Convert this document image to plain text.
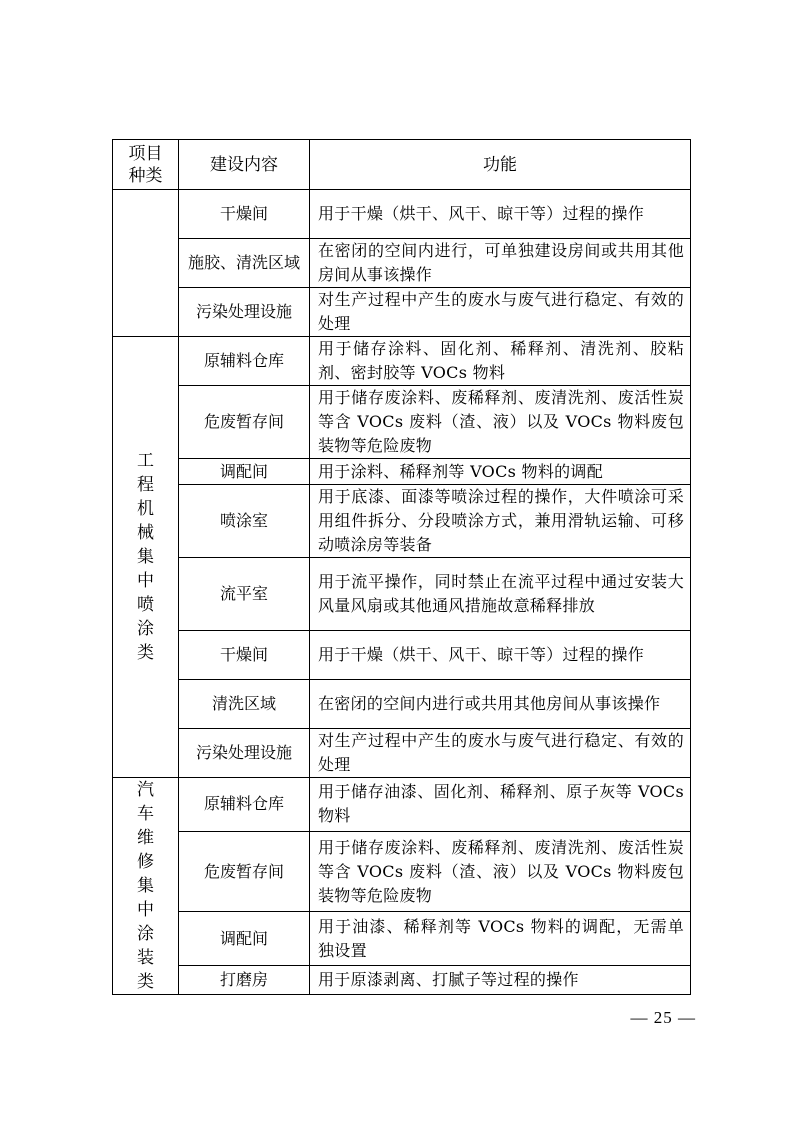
项目种类	建设内容	功能
	干燥间	用于干燥（烘干、风干、晾干等）过程的操作
	施胶、清洗区域	在密闭的空间内进行，可单独建设房间或共用其他房间从事该操作
	污染处理设施	对生产过程中产生的废水与废气进行稳定、有效的处理
工程机械集中喷涂类	原辅料仓库	用于储存涂料、固化剂、稀释剂、清洗剂、胶粘剂、密封胶等 VOCs 物料
	危废暂存间	用于储存废涂料、废稀释剂、废清洗剂、废活性炭等含 VOCs 废料（渣、液）以及 VOCs 物料废包装物等危险废物
	调配间	用于涂料、稀释剂等 VOCs 物料的调配
	喷涂室	用于底漆、面漆等喷涂过程的操作，大件喷涂可采用组件拆分、分段喷涂方式，兼用滑轨运输、可移动喷涂房等装备
	流平室	用于流平操作，同时禁止在流平过程中通过安装大风量风扇或其他通风措施故意稀释排放
	干燥间	用于干燥（烘干、风干、晾干等）过程的操作
	清洗区域	在密闭的空间内进行或共用其他房间从事该操作
	污染处理设施	对生产过程中产生的废水与废气进行稳定、有效的处理
汽车维修集中涂装类	原辅料仓库	用于储存油漆、固化剂、稀释剂、原子灰等 VOCs 物料
	危废暂存间	用于储存废涂料、废稀释剂、废清洗剂、废活性炭等含 VOCs 废料（渣、液）以及 VOCs 物料废包装物等危险废物
	调配间	用于油漆、稀释剂等 VOCs 物料的调配，无需单独设置
	打磨房	用于原漆剥离、打腻子等过程的操作
— 25 —
